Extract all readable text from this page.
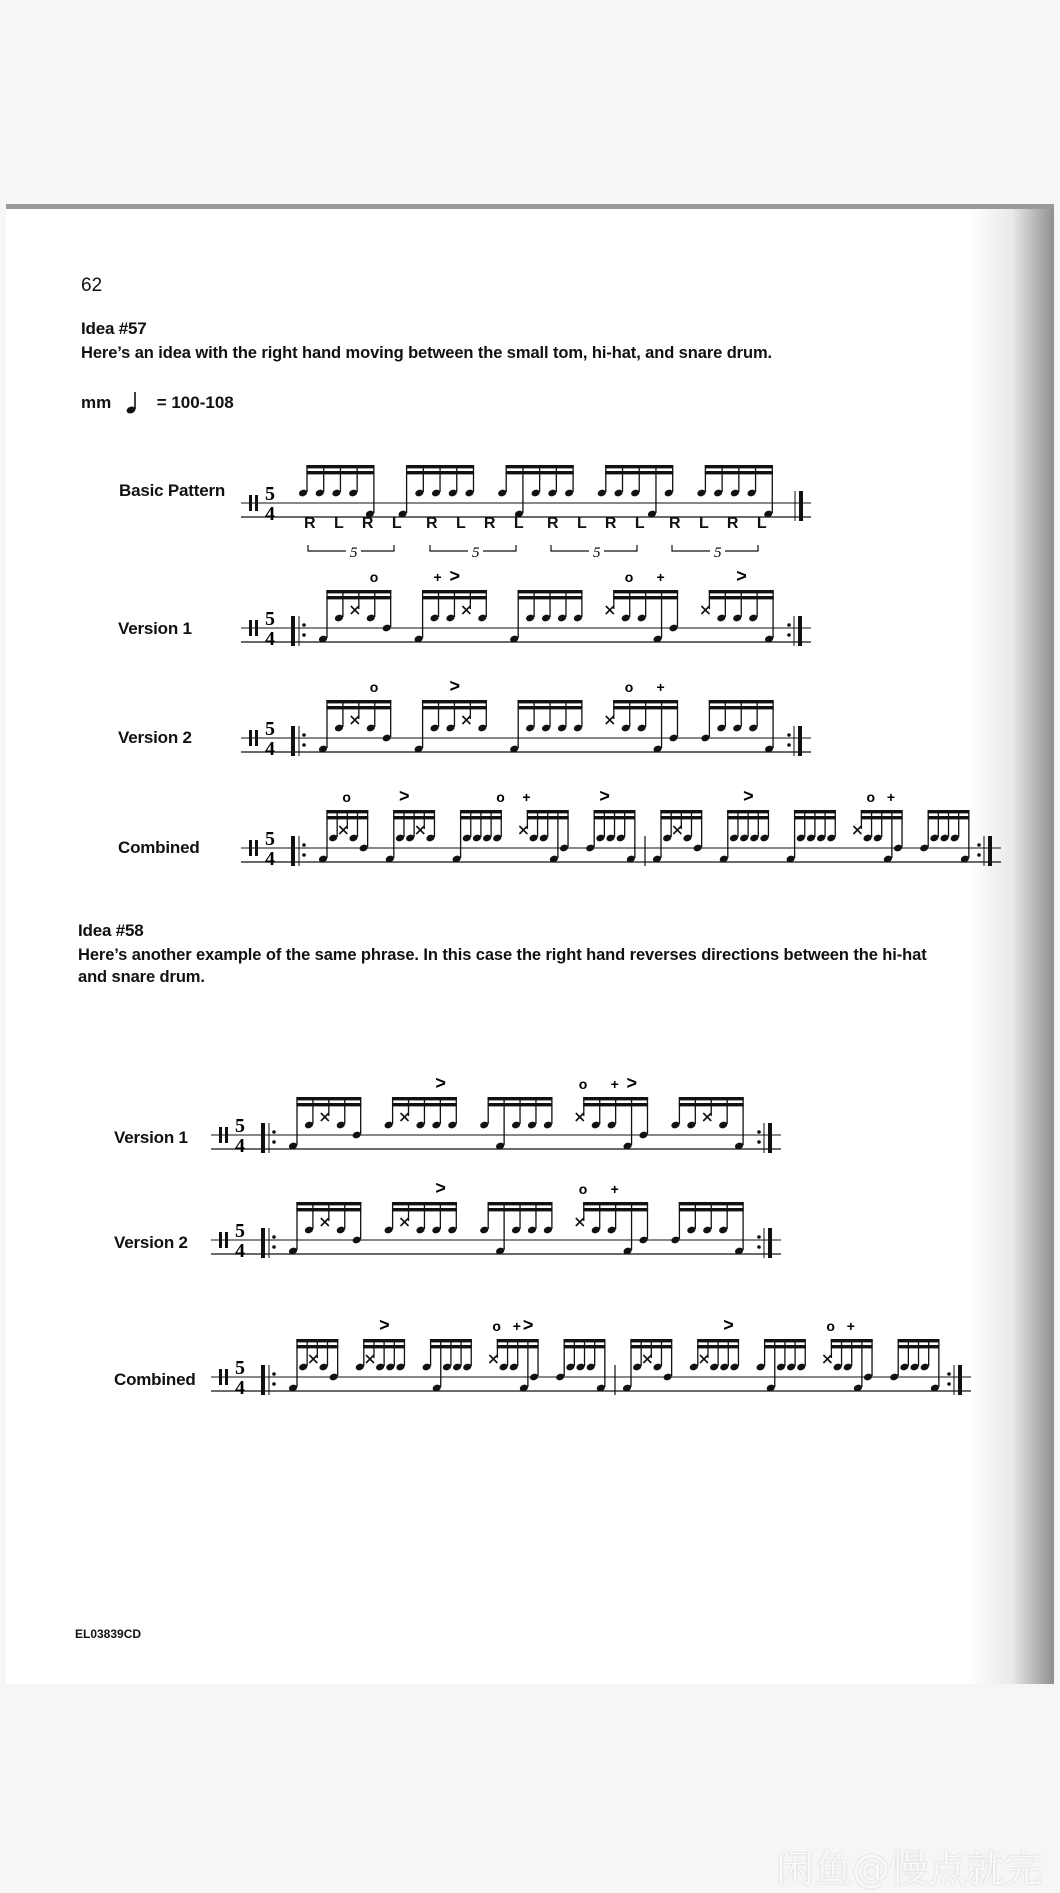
62
Idea #57
Here’s an idea with the right hand moving between the small tom, hi-hat, and snare drum.
mm	= 100-108
Basic Pattern 5
4 R L R L R L R L R L R L R L R L
5	5	5	5
Version 1	5
4
o	+ >	o +	>
Version 2	5
4
o	>	o +
Combined	5
4
o	>	o +	>	>	o +
Idea #58
Here’s another example of the same phrase. In this case the right hand reverses directions between the hi-hat
and snare drum.
Version 1
5
4
>	o + >
Version 2
5
4
>	o +
Combined
5
4
>	o + >	>	o +
EL03839CD
闲鱼@慢点就完
